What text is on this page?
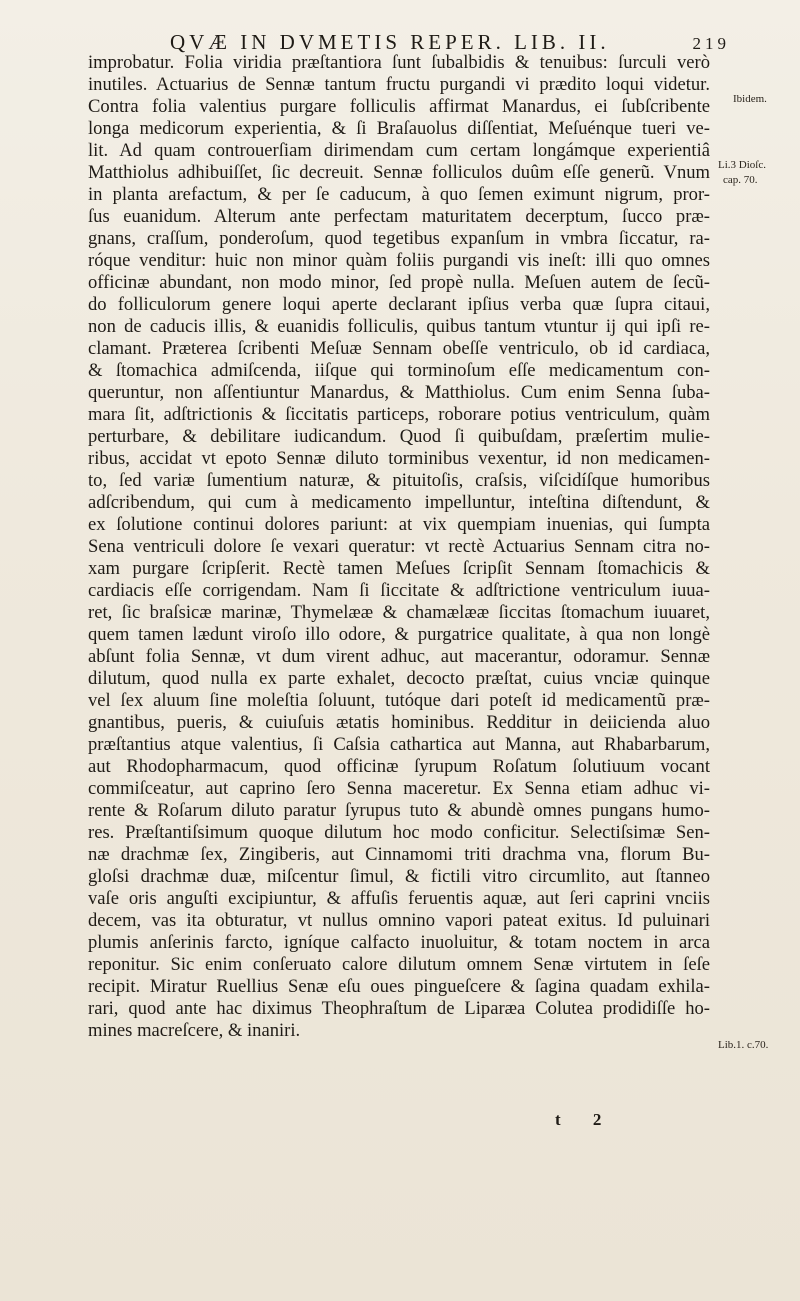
QVÆ IN DVMETIS REPER. LIB. II.	219
improbatur. Folia viridia præſtantiora ſunt ſubalbidis & tenuibus: ſurculi verò
inutiles. Actuarius de Sennæ tantum fructu purgandi vi prædito loqui videtur.
Contra folia valentius purgare folliculis affirmat Manardus, ei ſubſcribente
longa medicorum experientia, & ſi Braſauolus diſſentiat, Meſuénque tueri ve-
lit. Ad quam controuerſiam dirimendam cum certam longámque experientiâ
Matthiolus adhibuiſſet, ſic decreuit. Sennæ folliculos duûm eſſe generũ. Vnum
in planta arefactum, & per ſe caducum, à quo ſemen eximunt nigrum, pror-
ſus euanidum. Alterum ante perfectam maturitatem decerptum, ſucco præ-
gnans, craſſum, ponderoſum, quod tegetibus expanſum in vmbra ſiccatur, ra-
róque venditur: huic non minor quàm foliis purgandi vis ineſt: illi quo omnes
officinæ abundant, non modo minor, ſed propè nulla. Meſuen autem de ſecũ-
do folliculorum genere loqui aperte declarant ipſius verba quæ ſupra citaui,
non de caducis illis, & euanidis folliculis, quibus tantum vtuntur ij qui ipſi re-
clamant. Præterea ſcribenti Meſuæ Sennam obeſſe ventriculo, ob id cardiaca,
& ſtomachica admiſcenda, iiſque qui torminoſum eſſe medicamentum con-
queruntur, non aſſentiuntur Manardus, & Matthiolus. Cum enim Senna ſuba-
mara ſit, adſtrictionis & ſiccitatis particeps, roborare potius ventriculum, quàm
perturbare, & debilitare iudicandum. Quod ſi quibuſdam, præſertim mulie-
ribus, accidat vt epoto Sennæ diluto torminibus vexentur, id non medicamen-
to, ſed variæ ſumentium naturæ, & pituitoſis, craſsis, viſcidíſque humoribus
adſcribendum, qui cum à medicamento impelluntur, inteſtina diſtendunt, &
ex ſolutione continui dolores pariunt: at vix quempiam inuenias, qui ſumpta
Sena ventriculi dolore ſe vexari queratur: vt rectè Actuarius Sennam citra no-
xam purgare ſcripſerit. Rectè tamen Meſues ſcripſit Sennam ſtomachicis &
cardiacis eſſe corrigendam. Nam ſi ſiccitate & adſtrictione ventriculum iuua-
ret, ſic braſsicæ marinæ, Thymelææ & chamælææ ſiccitas ſtomachum iuuaret,
quem tamen lædunt viroſo illo odore, & purgatrice qualitate, à qua non longè
abſunt folia Sennæ, vt dum virent adhuc, aut macerantur, odoramur. Sennæ
dilutum, quod nulla ex parte exhalet, decocto præſtat, cuius vnciæ quinque
vel ſex aluum ſine moleſtia ſoluunt, tutóque dari poteſt id medicamentũ præ-
gnantibus, pueris, & cuiuſuis ætatis hominibus. Redditur in deiicienda aluo
præſtantius atque valentius, ſi Caſsia cathartica aut Manna, aut Rhabarbarum,
aut Rhodopharmacum, quod officinæ ſyrupum Roſatum ſolutiuum vocant
commiſceatur, aut caprino ſero Senna maceretur. Ex Senna etiam adhuc vi-
rente & Roſarum diluto paratur ſyrupus tuto & abundè omnes pungans humo-
res. Præſtantiſsimum quoque dilutum hoc modo conficitur. Selectiſsimæ Sen-
næ drachmæ ſex, Zingiberis, aut Cinnamomi triti drachma vna, florum Bu-
gloſsi drachmæ duæ, miſcentur ſimul, & fictili vitro circumlito, aut ſtanneo
vaſe oris anguſti excipiuntur, & affuſis feruentis aquæ, aut ſeri caprini vnciis
decem, vas ita obturatur, vt nullus omnino vapori pateat exitus. Id puluinari
plumis anſerinis farcto, igníque calfacto inuoluitur, & totam noctem in arca
reponitur. Sic enim conſeruato calore dilutum omnem Senæ virtutem in ſeſe
recipit. Miratur Ruellius Senæ eſu oues pingueſcere & ſagina quadam exhila-
rari, quod ante hac diximus Theophraſtum de Liparæa Colutea prodidiſſe ho-
mines macreſcere, & inaniri.
Ibidem.
Li.3 Dioſc.
cap. 70.
Lib.1. c.70.
t 2
